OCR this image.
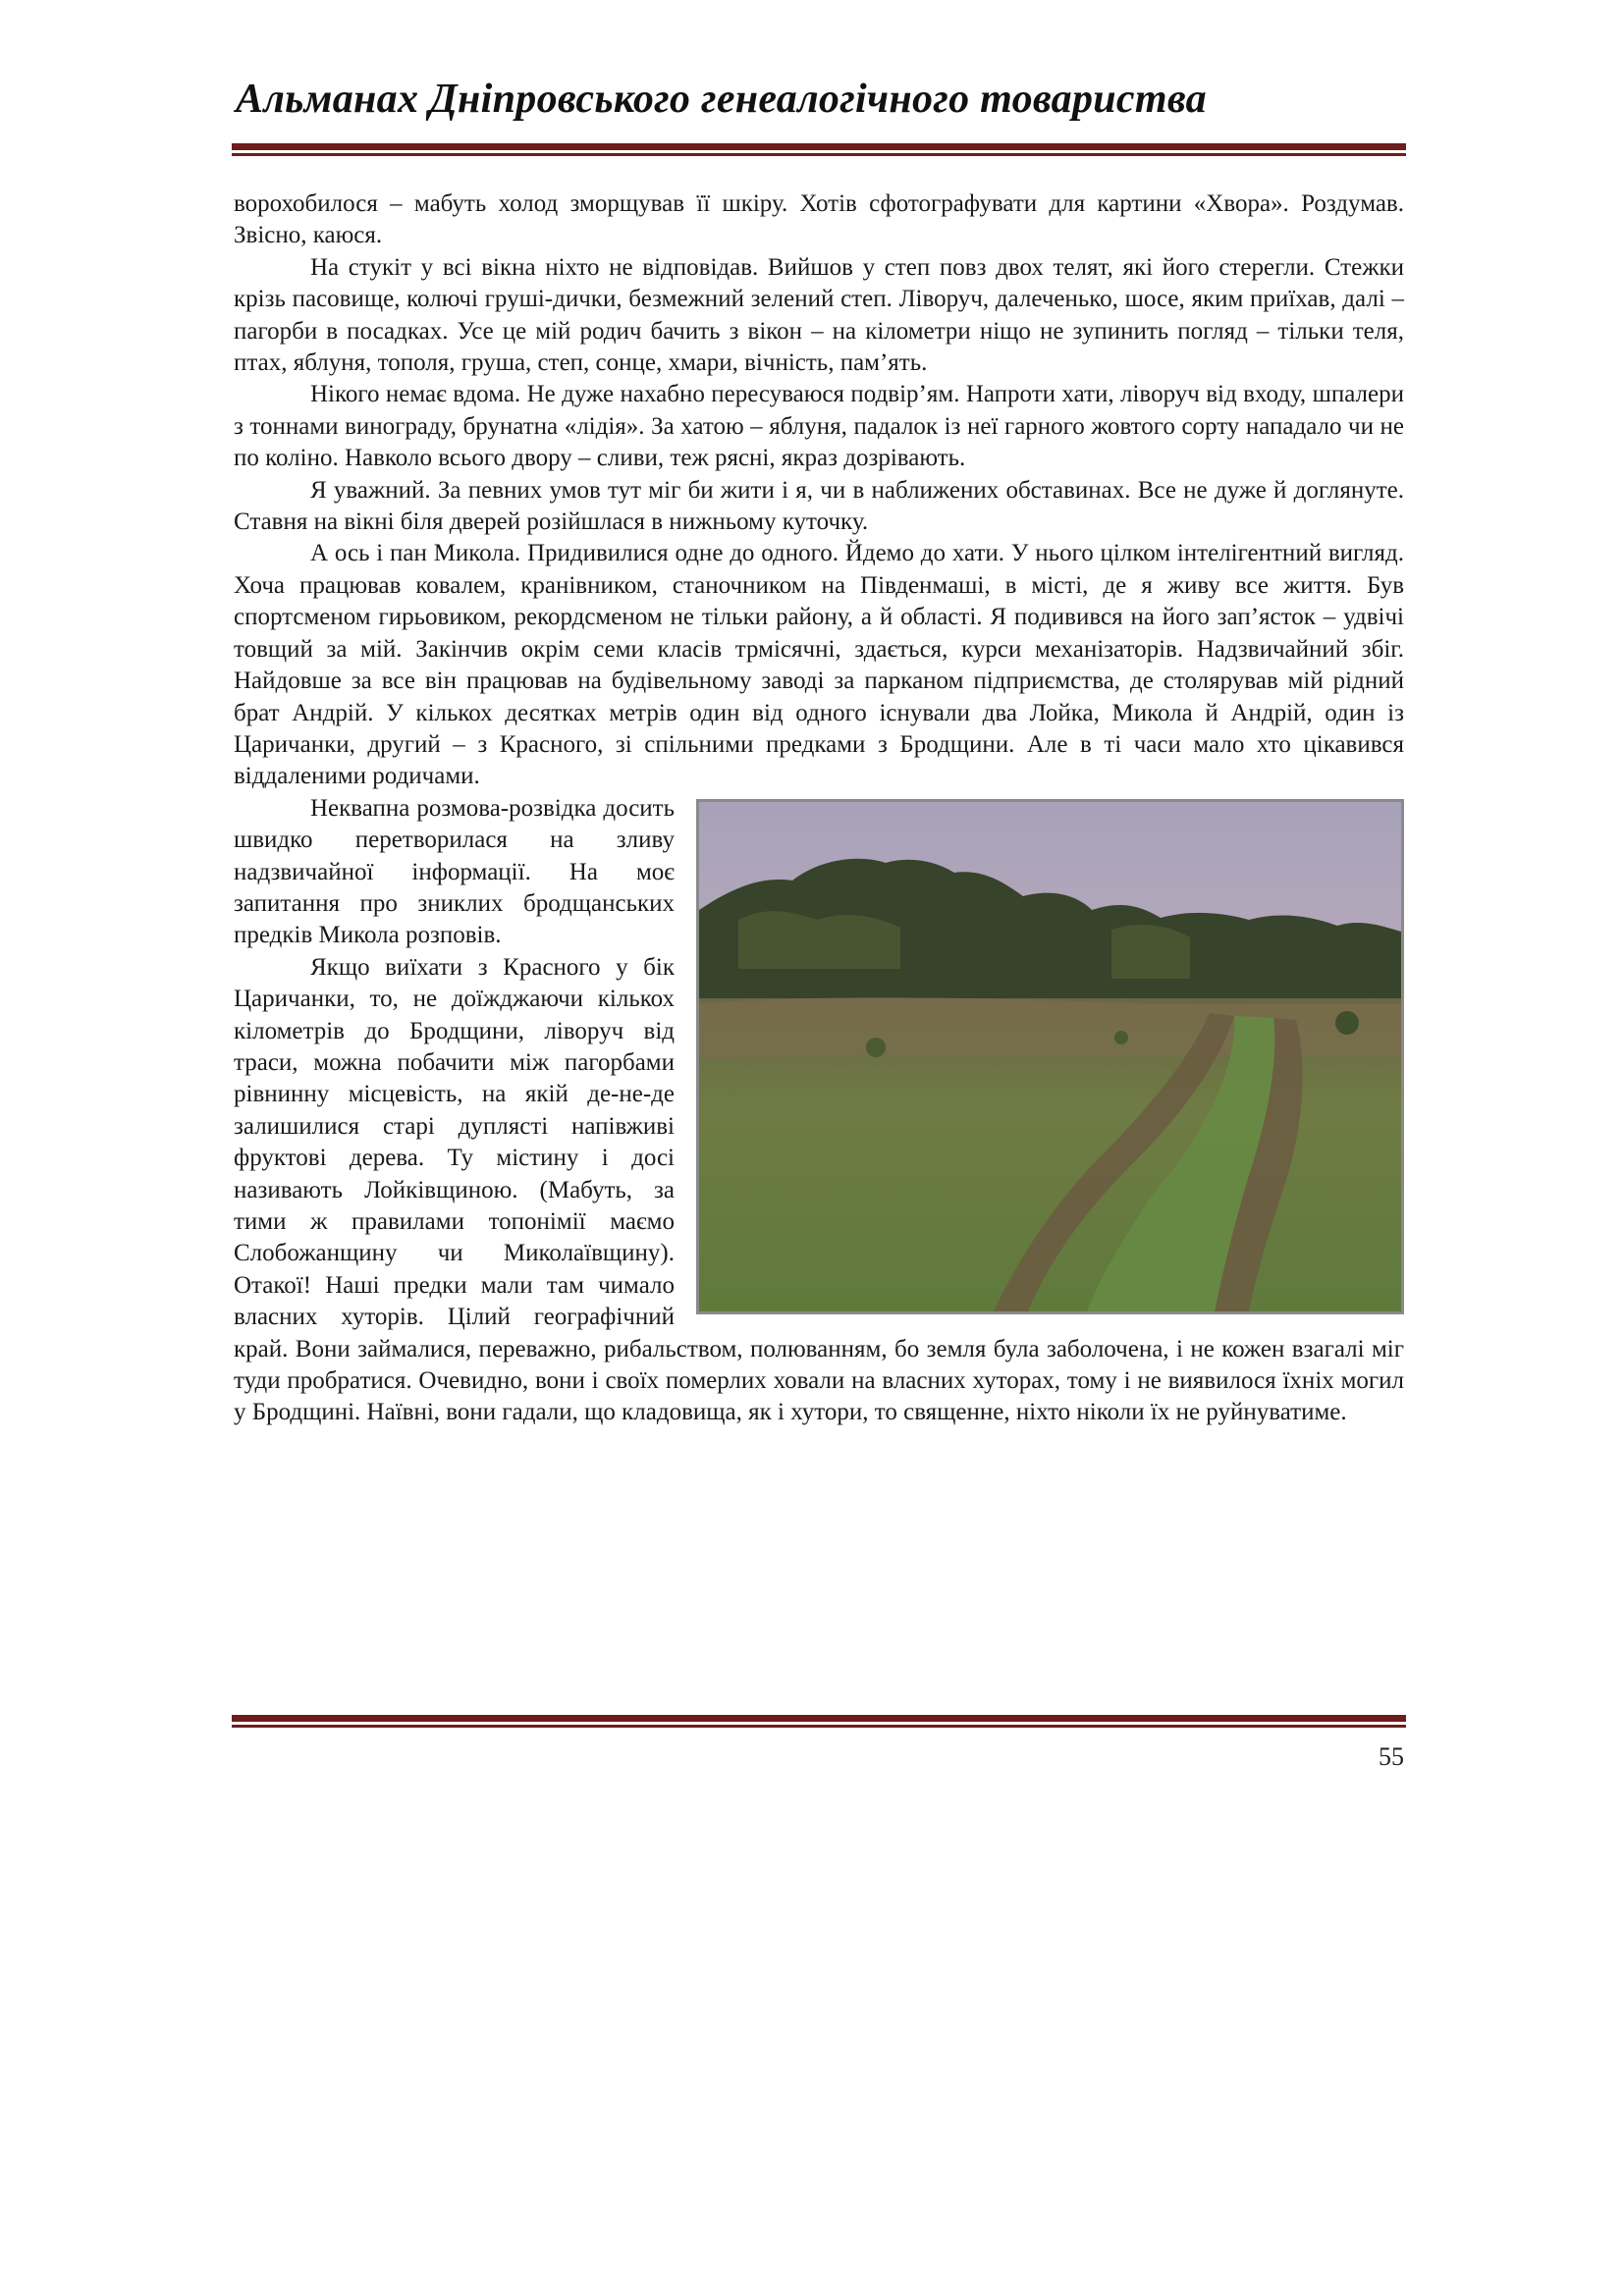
Альманах Дніпровського генеалогічного товариства

ворохобилося – мабуть холод зморщував її шкіру. Хотів сфотографувати для картини «Хвора». Роздумав. Звісно, каюся.

На стукіт у всі вікна ніхто не відповідав. Вийшов у степ повз двох телят, які його стерегли. Стежки крізь пасовище, колючі груші-дички, безмежний зелений степ. Ліворуч, далеченько, шосе, яким приїхав, далі – пагорби в посадках. Усе це мій родич бачить з вікон – на кілометри ніщо не зупинить погляд – тільки теля, птах, яблуня, тополя, груша, степ, сонце, хмари, вічність, пам’ять.

Нікого немає вдома. Не дуже нахабно пересуваюся подвір’ям. Напроти хати, ліворуч від входу, шпалери з тоннами винограду, брунатна «лідія». За хатою – яблуня, падалок із неї гарного жовтого сорту нападало чи не по коліно. Навколо всього двору – сливи, теж рясні, якраз дозрівають.

Я уважний. За певних умов тут міг би жити і я, чи в наближених обставинах. Все не дуже й доглянуте. Ставня на вікні біля дверей розійшлася в нижньому куточку.

А ось і пан Микола. Придивилися одне до одного. Йдемо до хати. У нього цілком інтелігентний вигляд. Хоча працював ковалем, кранівником, станочником на Південмаші, в місті, де я живу все життя. Був спортсменом гирьовиком, рекордсменом не тільки району, а й області. Я подивився на його зап’ясток – удвічі товщий за мій. Закінчив окрім семи класів трмісячні, здається, курси механізаторів. Надзвичайний збіг. Найдовше за все він працював на будівельному заводі за парканом підприємства, де столярував мій рідний брат Андрій. У кількох десятках метрів один від одного існували два Лойка, Микола й Андрій, один із Царичанки, другий – з Красного, зі спільними предками з Бродщини. Але в ті часи мало хто цікавився віддаленими родичами.

Неквапна розмова-розвідка досить швидко перетворилася на зливу надзвичайної інформації. На моє запитання про зниклих бродщанських предків Микола розповів.

Якщо виїхати з Красного у бік Царичанки, то, не доїжджаючи кількох кілометрів до Бродщини, ліворуч від траси, можна побачити між пагорбами рівнинну місцевість, на якій де-не-де залишилися старі дуплясті напівживі фруктові дерева. Ту містину і досі називають Лойківщиною. (Мабуть, за тими ж правилами топонімії маємо Слобожанщину чи Миколаївщину). Отакої! Наші предки мали там чимало власних хуторів. Цілий географічний край. Вони займалися, переважно, рибальством, полюванням, бо земля була заболочена, і не кожен взагалі міг туди пробратися. Очевидно, вони і своїх померлих ховали на власних хуторах, тому і не виявилося їхніх могил у Бродщині. Наївні, вони гадали, що кладовища, як і хутори, то священне, ніхто ніколи їх не руйнуватиме.

55
